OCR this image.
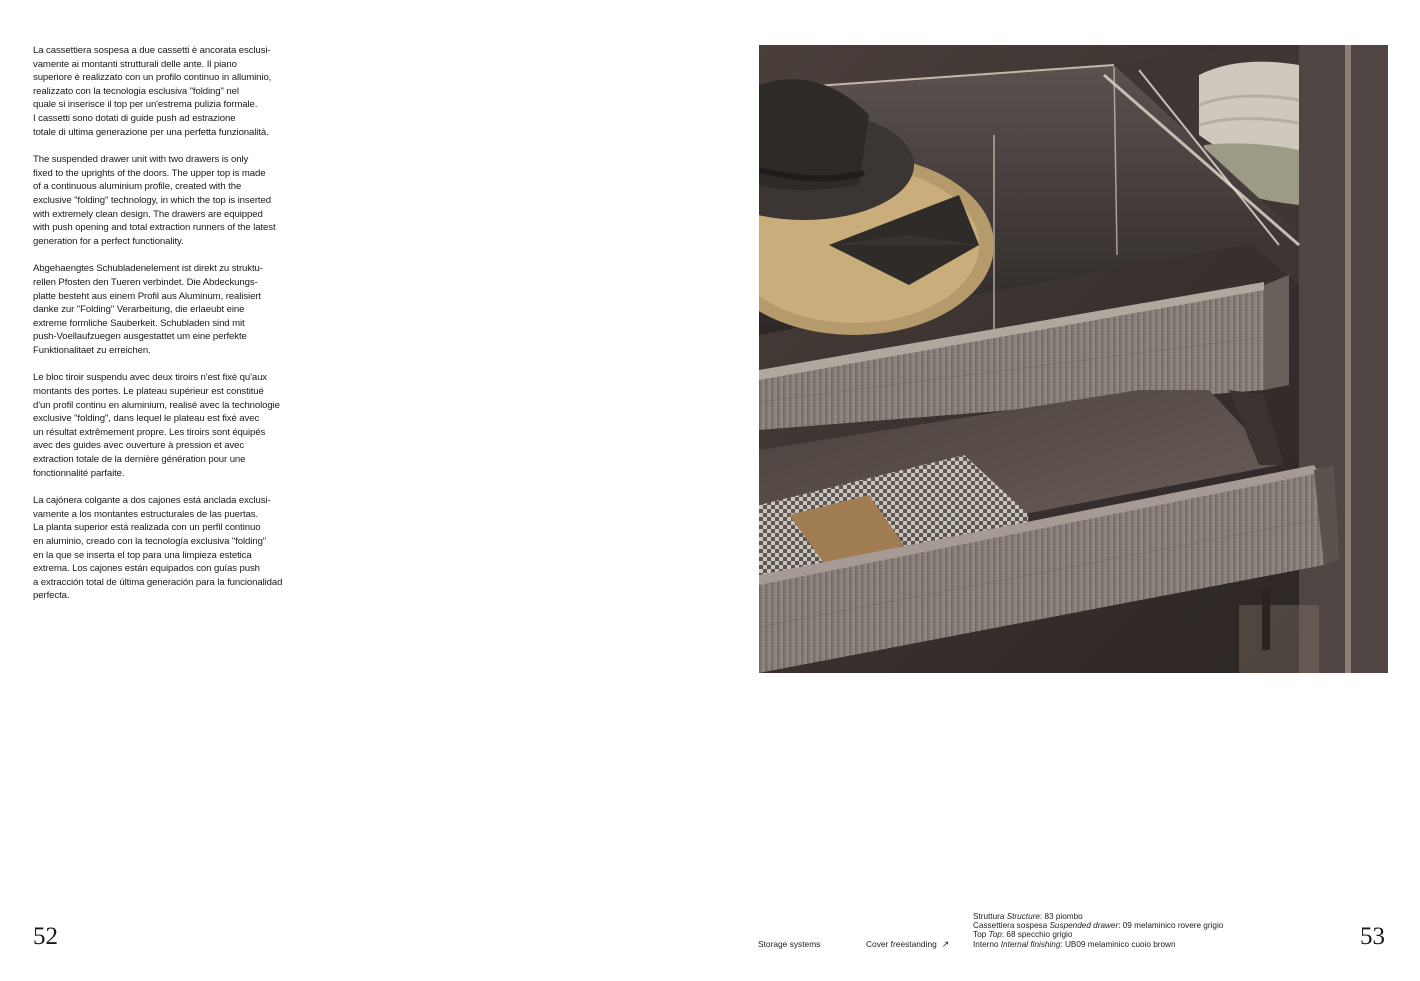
La cassettiera sospesa a due cassetti è ancorata esclusi-
vamente ai montanti strutturali delle ante. Il piano
superiore è realizzato con un profilo continuo in alluminio,
realizzato con la tecnologia esclusiva "folding" nel
quale si inserisce il top per un'estrema pulizia formale.
I cassetti sono dotati di guide push ad estrazione
totale di ultima generazione per una perfetta funzionalità.

The suspended drawer unit with two drawers is only
fixed to the uprights of the doors. The upper top is made
of a continuous aluminium profile, created with the
exclusive "folding" technology, in which the top is inserted
with extremely clean design. The drawers are equipped
with push opening and total extraction runners of the latest
generation for a perfect functionality.

Abgehaengtes Schubladenelement ist direkt zu struktu-
rellen Pfosten den Tueren verbindet. Die Abdeckungs-
platte besteht aus einem Profil aus Aluminum, realisiert
danke zur "Folding" Verarbeitung, die erlaeubt eine
extreme formliche Sauberkeit. Schubladen sind mit
push-Voellaufzuegen ausgestattet um eine perfekte
Funktionalitaet zu erreichen.

Le bloc tiroir suspendu avec deux tiroirs n'est fixé qu'aux
montants des portes. Le plateau supérieur est constitué
d'un profil continu en aluminium, realisé avec la technologie
exclusive "folding", dans lequel le plateau est fixé avec
un résultat extrêmement propre. Les tiroirs sont équipés
avec des guides avec ouverture à pression et avec
extraction totale de la dernière génération pour une
fonctionnalité parfaite.

La cajónera colgante a dos cajones está anclada exclusi-
vamente a los montantes estructurales de las puertas.
La planta superior está realizada con un perfil continuo
en aluminio, creado con la tecnología exclusiva "folding"
en la que se inserta el top para una limpieza estetica
extrema. Los cajones están equipados con guías push
a extracción total de última generación para la funcionalidad
perfecta.

52	Storage systems	Cover freestanding ↗
Struttura Structure: 83 piombo
Cassettiera sospesa Suspended drawer: 09 melaminico rovere grigio
Top Top: 68 specchio grigio
Interno Internal finishing: UB09 melaminico cuoio brown	53
